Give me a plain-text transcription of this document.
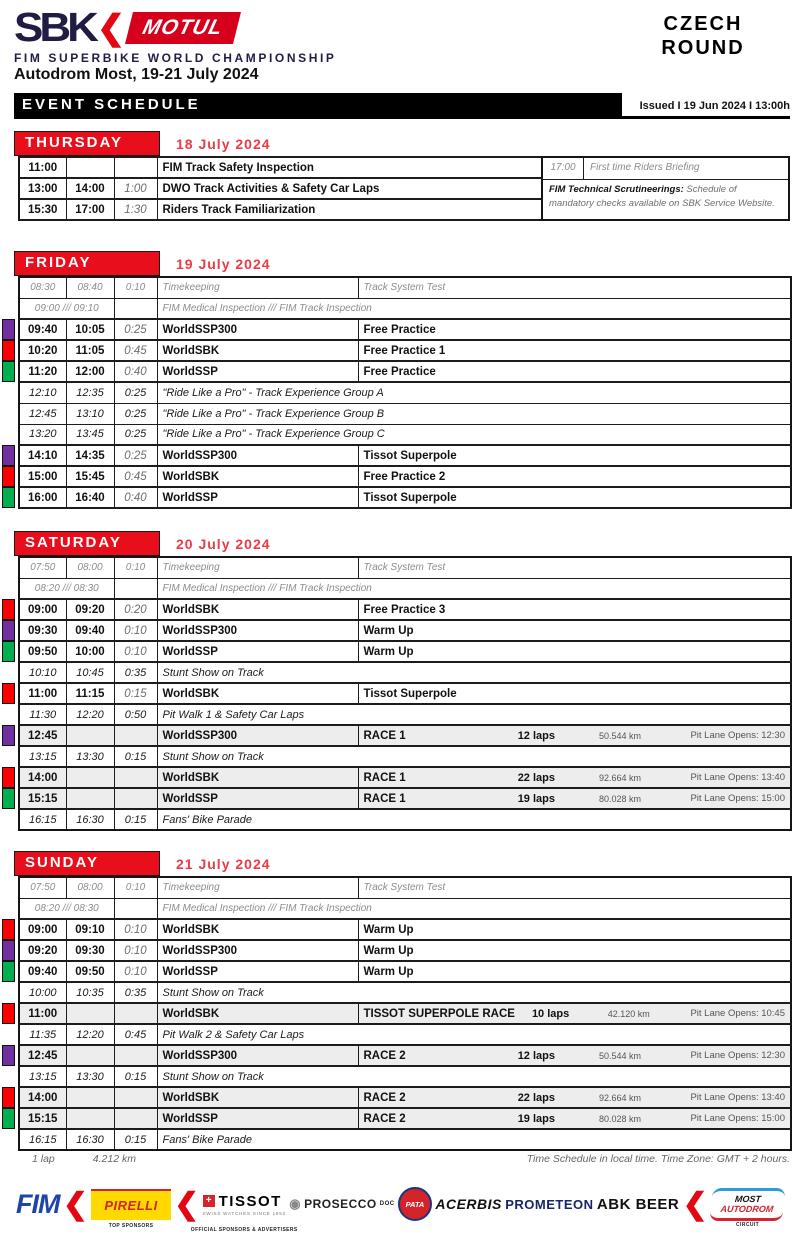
SBK ❮ MOTUL
FIM SUPERBIKE WORLD CHAMPIONSHIP
CZECH
ROUND
Autodrom Most, 19-21 July 2024
EVENT SCHEDULE	Issued I 19 Jun 2024 I 13:00h
THURSDAY	18 July 2024
11:00			FIM Track Safety Inspection
13:00	14:00	1:00	DWO Track Activities & Safety Car Laps
15:30	17:00	1:30	Riders Track Familiarization
17:00	First time Riders Briefing
FIM Technical Scrutineerings: Schedule of mandatory checks available on SBK Service Website.
FRIDAY	19 July 2024
08:30	08:40	0:10	Timekeeping	Track System Test
09:00 /// 09:10			FIM Medical Inspection /// FIM Track Inspection	
09:40	10:05	0:25	WorldSSP300	Free Practice
10:20	11:05	0:45	WorldSBK	Free Practice 1
11:20	12:00	0:40	WorldSSP	Free Practice
12:10	12:35	0:25	"Ride Like a Pro" - Track Experience Group A	
12:45	13:10	0:25	"Ride Like a Pro" - Track Experience Group B	
13:20	13:45	0:25	"Ride Like a Pro" - Track Experience Group C	
14:10	14:35	0:25	WorldSSP300	Tissot Superpole
15:00	15:45	0:45	WorldSBK	Free Practice 2
16:00	16:40	0:40	WorldSSP	Tissot Superpole
SATURDAY	20 July 2024
07:50	08:00	0:10	Timekeeping	Track System Test
08:20 /// 08:30			FIM Medical Inspection /// FIM Track Inspection	
09:00	09:20	0:20	WorldSBK	Free Practice 3
09:30	09:40	0:10	WorldSSP300	Warm Up
09:50	10:00	0:10	WorldSSP	Warm Up
10:10	10:45	0:35	Stunt Show on Track	
11:00	11:15	0:15	WorldSBK	Tissot Superpole
11:30	12:20	0:50	Pit Walk 1 & Safety Car Laps	
12:45			WorldSSP300	RACE 1 12 laps 50.544 km Pit Lane Opens: 12:30

13:15	13:30	0:15	Stunt Show on Track	
14:00			WorldSBK	RACE 1 22 laps 92.664 km Pit Lane Opens: 13:40

15:15			WorldSSP	RACE 1 19 laps 80.028 km Pit Lane Opens: 15:00

16:15	16:30	0:15	Fans' Bike Parade	
SUNDAY	21 July 2024
07:50	08:00	0:10	Timekeeping	Track System Test
08:20 /// 08:30			FIM Medical Inspection /// FIM Track Inspection	
09:00	09:10	0:10	WorldSBK	Warm Up
09:20	09:30	0:10	WorldSSP300	Warm Up
09:40	09:50	0:10	WorldSSP	Warm Up
10:00	10:35	0:35	Stunt Show on Track	
11:00			WorldSBK	TISSOT SUPERPOLE RACE 10 laps 42.120 km Pit Lane Opens: 10:45

11:35	12:20	0:45	Pit Walk 2 & Safety Car Laps	
12:45			WorldSSP300	RACE 2 12 laps 50.544 km Pit Lane Opens: 12:30

13:15	13:30	0:15	Stunt Show on Track	
14:00			WorldSBK	RACE 2 22 laps 92.664 km Pit Lane Opens: 13:40

15:15			WorldSSP	RACE 2 19 laps 80.028 km Pit Lane Opens: 15:00

16:15	16:30	0:15	Fans' Bike Parade	
1 lap	4.212 km	Time Schedule in local time. Time Zone: GMT + 2 hours.
FIM ❮	PIRELLI
TOP SPONSORS
❮ + TISSOT
SWISS WATCHES SINCE 1853
OFFICIAL SPONSORS & ADVERTISERS
◉ PROSECCO DOC	PATA ACERBIS PROMETEON ABK BEER ❮	MOST
AUTODROM
CIRCUIT
